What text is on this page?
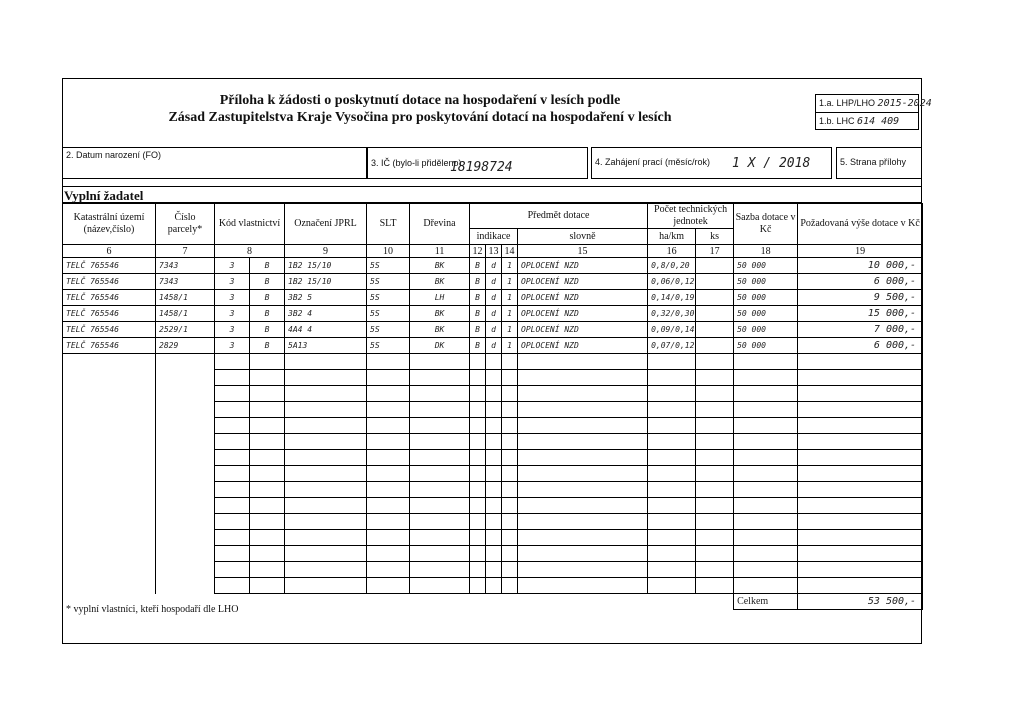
Příloha k žádosti o poskytnutí dotace na hospodaření v lesích podle
Zásad Zastupitelstva Kraje Vysočina pro poskytování dotací na hospodaření v lesích
1.a. LHP/LHO 2015-2024
1.b. LHC 614 409
2. Datum narození (FO)
3. IČ (bylo-li přiděleno)
18198724	4. Zahájení prací (měsíc/rok)	1 X / 2018	5. Strana přílohy
Vyplní žadatel
Katastrální území (název,číslo)	Číslo parcely*	Kód vlastnictví		Označení JPRL	SLT	Dřevina	Předmět dotace				Počet technických jednotek		Sazba dotace v Kč	Požadovaná výše dotace v Kč

							indikace			slovně	ha/km	ks		
6	7	8		9	10	11	12	13	14	15	16	17	18	19
TELČ 765546	7343	3	B	1B2 15/10	5S	BK	B	d	1	OPLOCENÍ NZD	0,8/0,20		50 000	10 000,-
TELČ 765546	7343	3	B	1B2 15/10	5S	BK	B	d	1	OPLOCENÍ NZD	0,06/0,12		50 000	6 000,-
TELČ 765546	1458/1	3	B	3B2 5	5S	LH	B	d	1	OPLOCENÍ NZD	0,14/0,19		50 000	9 500,-
TELČ 765546	1458/1	3	B	3B2 4	5S	BK	B	d	1	OPLOCENÍ NZD	0,32/0,30		50 000	15 000,-
TELČ 765546	2529/1	3	B	4A4 4	5S	BK	B	d	1	OPLOCENÍ NZD	0,09/0,14		50 000	7 000,-
TELČ 765546	2829	3	B	5A13	5S	DK	B	d	1	OPLOCENÍ NZD	0,07/0,12		50 000	6 000,-

													Celkem	53 500,-
* vyplní vlastníci, kteří hospodaří dle LHO
